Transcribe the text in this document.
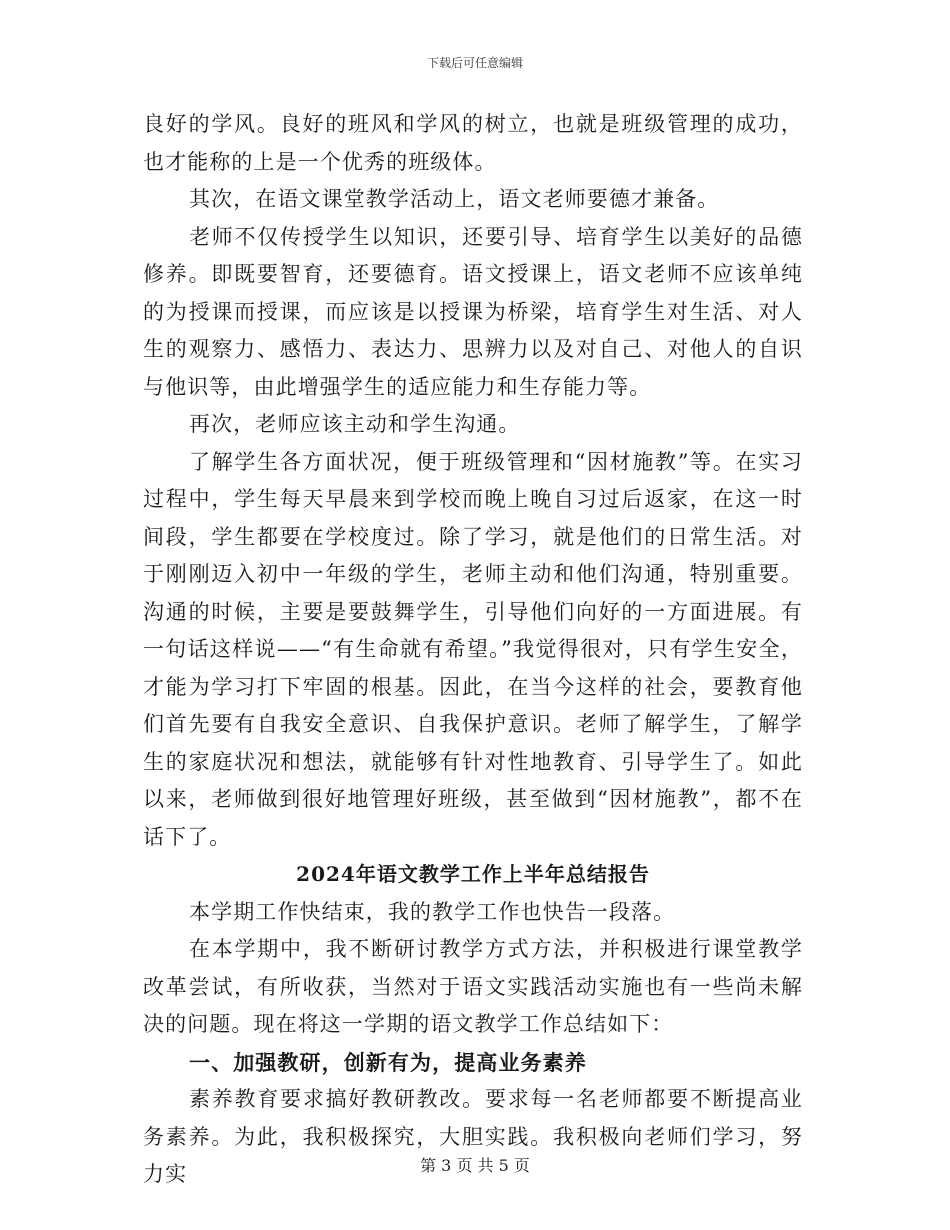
下载后可任意编辑

良好的学风。良好的班风和学风的树立，也就是班级管理的成功，也才能称的上是一个优秀的班级体。

其次，在语文课堂教学活动上，语文老师要德才兼备。

老师不仅传授学生以知识，还要引导、培育学生以美好的品德修养。即既要智育，还要德育。语文授课上，语文老师不应该单纯的为授课而授课，而应该是以授课为桥梁，培育学生对生活、对人生的观察力、感悟力、表达力、思辨力以及对自己、对他人的自识与他识等，由此增强学生的适应能力和生存能力等。

再次，老师应该主动和学生沟通。

了解学生各方面状况，便于班级管理和“因材施教”等。在实习过程中，学生每天早晨来到学校而晚上晚自习过后返家，在这一时间段，学生都要在学校度过。除了学习，就是他们的日常生活。对于刚刚迈入初中一年级的学生，老师主动和他们沟通，特别重要。沟通的时候，主要是要鼓舞学生，引导他们向好的一方面进展。有一句话这样说——“有生命就有希望。”我觉得很对，只有学生安全，才能为学习打下牢固的根基。因此，在当今这样的社会，要教育他们首先要有自我安全意识、自我保护意识。老师了解学生，了解学生的家庭状况和想法，就能够有针对性地教育、引导学生了。如此以来，老师做到很好地管理好班级，甚至做到“因材施教”，都不在话下了。

2024年语文教学工作上半年总结报告

本学期工作快结束，我的教学工作也快告一段落。

在本学期中，我不断研讨教学方式方法，并积极进行课堂教学改革尝试，有所收获，当然对于语文实践活动实施也有一些尚未解决的问题。现在将这一学期的语文教学工作总结如下：

一、加强教研，创新有为，提高业务素养

素养教育要求搞好教研教改。要求每一名老师都要不断提高业务素养。为此，我积极探究，大胆实践。我积极向老师们学习，努力实	第 3 页 共 5 页
